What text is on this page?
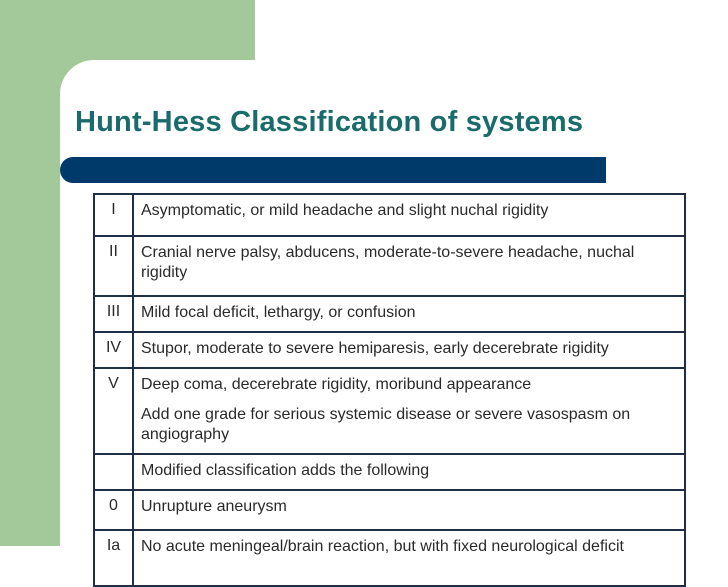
Hunt-Hess Classification of systems
I	Asymptomatic, or mild headache and slight nuchal rigidity

II	Cranial nerve palsy, abducens, moderate-to-severe headache, nuchal rigidity

III	Mild focal deficit, lethargy, or confusion

IV	Stupor, moderate to severe hemiparesis, early decerebrate rigidity

V	Deep coma, decerebrate rigidity, moribund appearance

Add one grade for serious systemic disease or severe vasospasm on angiography

	Modified classification adds the following

0	Unrupture aneurysm

Ia	No acute meningeal/brain reaction, but with fixed neurological deficit
